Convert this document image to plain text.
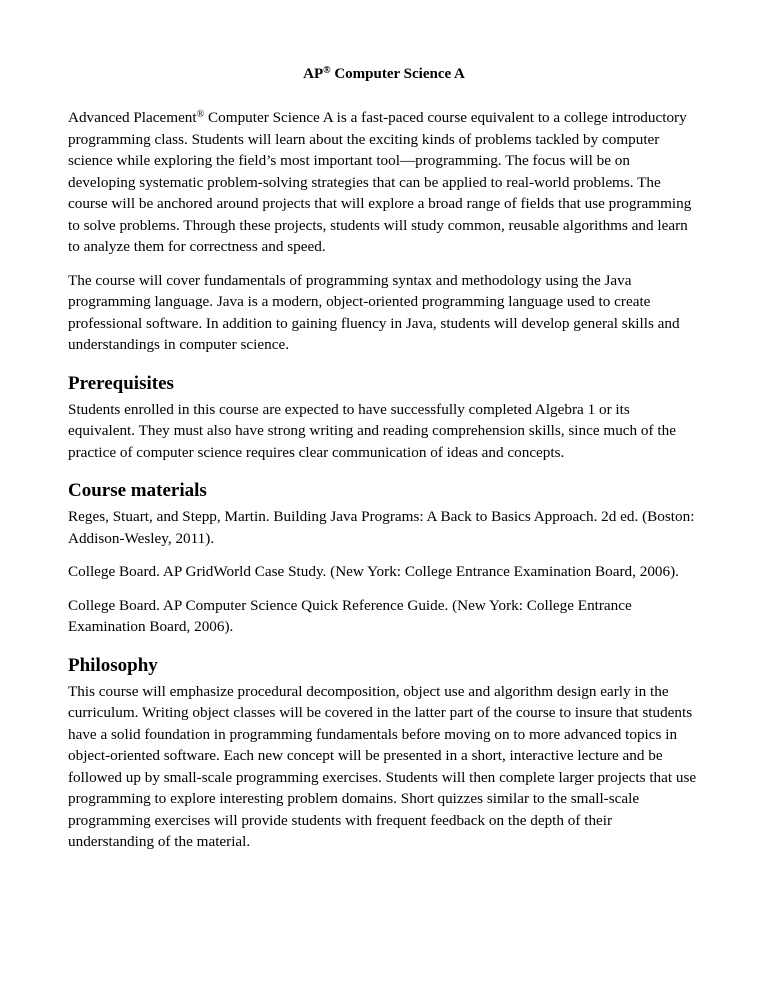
AP® Computer Science A

Advanced Placement® Computer Science A is a fast-paced course equivalent to a college introductory programming class. Students will learn about the exciting kinds of problems tackled by computer science while exploring the field’s most important tool—programming. The focus will be on developing systematic problem-solving strategies that can be applied to real-world problems. The course will be anchored around projects that will explore a broad range of fields that use programming to solve problems. Through these projects, students will study common, reusable algorithms and learn to analyze them for correctness and speed.

The course will cover fundamentals of programming syntax and methodology using the Java programming language. Java is a modern, object-oriented programming language used to create professional software. In addition to gaining fluency in Java, students will develop general skills and understandings in computer science.

Prerequisites

Students enrolled in this course are expected to have successfully completed Algebra 1 or its equivalent. They must also have strong writing and reading comprehension skills, since much of the practice of computer science requires clear communication of ideas and concepts.

Course materials

Reges, Stuart, and Stepp, Martin. Building Java Programs: A Back to Basics Approach. 2d ed. (Boston: Addison-Wesley, 2011).

College Board. AP GridWorld Case Study. (New York: College Entrance Examination Board, 2006).

College Board. AP Computer Science Quick Reference Guide. (New York: College Entrance Examination Board, 2006).

Philosophy

This course will emphasize procedural decomposition, object use and algorithm design early in the curriculum. Writing object classes will be covered in the latter part of the course to insure that students have a solid foundation in programming fundamentals before moving on to more advanced topics in object-oriented software. Each new concept will be presented in a short, interactive lecture and be followed up by small-scale programming exercises. Students will then complete larger projects that use programming to explore interesting problem domains. Short quizzes similar to the small-scale programming exercises will provide students with frequent feedback on the depth of their understanding of the material.
